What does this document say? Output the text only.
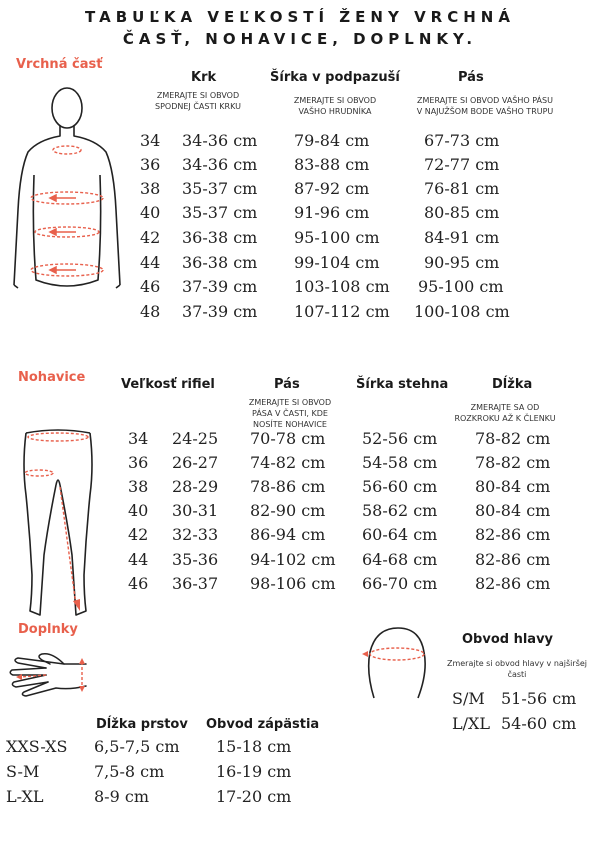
TABUĽKA VEĽKOSTÍ ŽENY VRCHNÁ
ČASŤ, NOHAVICE, DOPLNKY.
Vrchná časť
Krk	Šírka v podpazuší	Pás
ZMERAJTE SI OBVOD SPODNEJ ČASTI KRKU
ZMERAJTE SI OBVOD VAŠHO HRUDNÍKA
ZMERAJTE SI OBVOD VAŠHO PÁSU V NAJUŽŠOM BODE VAŠHO TRUPU
34 34-36 cm 79-84 cm	67-73 cm
36 34-36 cm 83-88 cm	72-77 cm
38 35-37 cm 87-92 cm	76-81 cm
40 35-37 cm 91-96 cm	80-85 cm
42 36-38 cm 95-100 cm	84-91 cm
44 36-38 cm 99-104 cm	90-95 cm
46 37-39 cm 103-108 cm 95-100 cm
48 37-39 cm 107-112 cm 100-108 cm
Nohavice	Veľkosť rifiel	Pás	Šírka stehna	Dĺžka
ZMERAJTE SI OBVOD PÁSA V ČASTI, KDE NOSÍTE NOHAVICE
ZMERAJTE SA OD ROZKROKU AŽ K ČLENKU
34 24-25 70-78 cm 52-56 cm 78-82 cm
36 26-27 74-82 cm 54-58 cm 78-82 cm
38 28-29 78-86 cm 56-60 cm 80-84 cm
40 30-31 82-90 cm 58-62 cm 80-84 cm
42 32-33 86-94 cm 60-64 cm 82-86 cm
44 35-36 94-102 cm 64-68 cm 82-86 cm
46 36-37 98-106 cm 66-70 cm 82-86 cm
Doplnky
Dĺžka prstov Obvod zápästia
XXS-XS 6,5-7,5 cm 15-18 cm
S-M	7,5-8 cm	16-19 cm
L-XL	8-9 cm	17-20 cm
Obvod hlavy
Zmerajte si obvod hlavy v najširšej časti
S/M 51-56 cm
L/XL 54-60 cm
